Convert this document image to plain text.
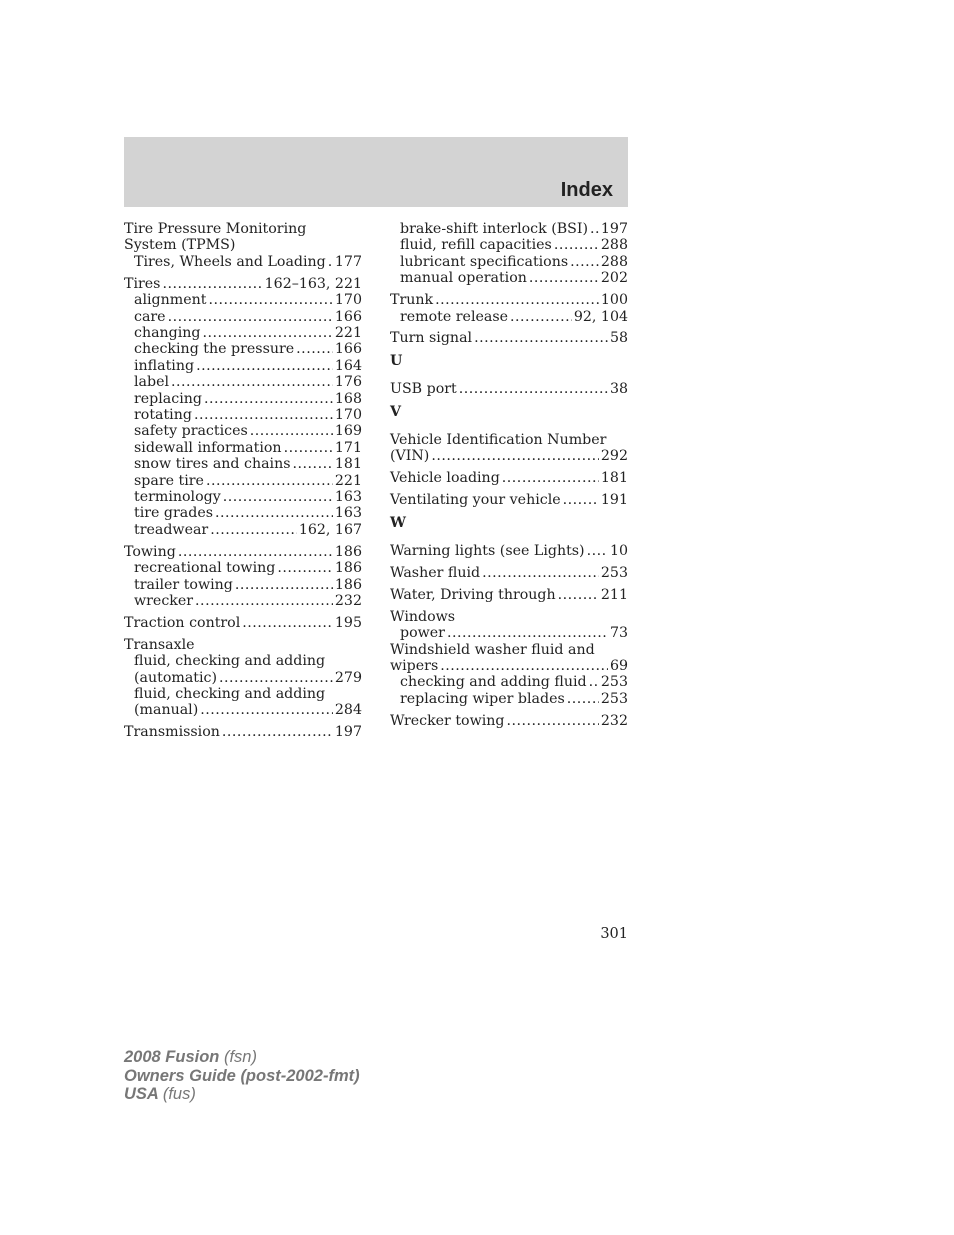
Index
Tire Pressure Monitoring
System (TPMS)
Tires, Wheels and Loading ..... 177
Tires .....	162–163, 221
alignment .....	170
care .....	166
changing .....	221
checking the pressure .....	166
inflating .....	164
label .....	176
replacing .....	168
rotating .....	170
safety practices .....	169
sidewall information .....	171
snow tires and chains .....	181
spare tire .....	221
terminology .....	163
tire grades .....	163
treadwear .....	162, 167
Towing .....	186
recreational towing .....	186
trailer towing .....	186
wrecker .....	232
Traction control .....	195
Transaxle
fluid, checking and adding
(automatic) .....	279
fluid, checking and adding
(manual) .....	284
Transmission .....	197
brake-shift interlock (BSI) ..... 197
fluid, refill capacities .....	288
lubricant specifications ..... 288
manual operation .....	202
Trunk .....	100
remote release .....	92, 104
Turn signal .....	58
U
USB port .....	38
V
Vehicle Identification Number
(VIN) .....	292
Vehicle loading .....	181
Ventilating your vehicle .....	191
W
Warning lights (see Lights) ..... 10
Washer fluid .....	253
Water, Driving through .....	211
Windows
power .....	73
Windshield washer fluid and
wipers .....	69
checking and adding fluid ..... 253
replacing wiper blades .....	253
Wrecker towing .....	232
301
2008 Fusion (fsn)
Owners Guide (post-2002-fmt)
USA (fus)
